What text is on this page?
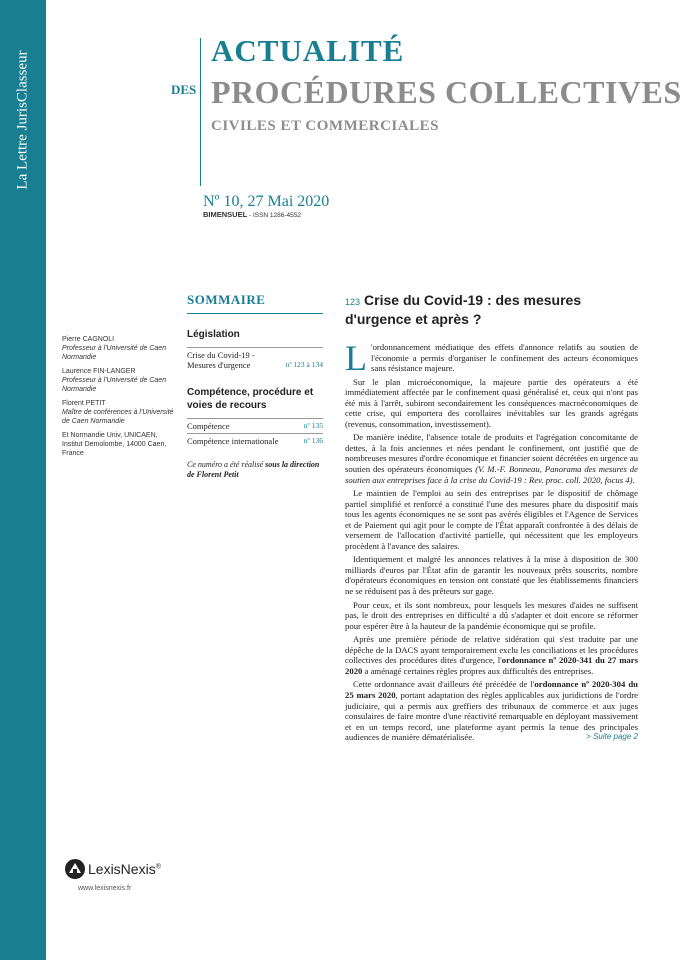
La Lettre JurisClasseur	DES
ACTUALITÉ
PROCÉDURES COLLECTIVES
CIVILES ET COMMERCIALES
Nº 10, 27 Mai 2020
BIMENSUEL - ISSN 1286-4552
Pierre CAGNOLI
Professeur à l'Université de Caen Normandie
Laurence FIN-LANGER
Professeur à l'Université de Caen Normandie
Florent PETIT
Maître de conférences à l'Université de Caen Normandie
Et Normandie Univ, UNICAEN, Institut Demolombe, 14000 Caen, France
SOMMAIRE
Législation
Crise du Covid-19 - Mesures d'urgence	nº 123 à 134
Compétence, procédure et voies de recours
Compétence	nº 135
Compétence internationale	nº 136
Ce numéro a été réalisé sous la direction de Florent Petit
123 Crise du Covid-19 : des mesures d'urgence et après ?

L 'ordonnancement médiatique des effets d'annonce relatifs au soutien de l'économie a permis d'organiser le confinement des acteurs économiques sans résistance majeure.

Sur le plan microéconomique, la majeure partie des opérateurs a été immédiatement affectée par le confinement quasi généralisé et, ceux qui n'ont pas été mis à l'arrêt, subiront secondairement les conséquences macroéconomiques de cette crise, qui emportera des corollaires inévitables sur les grands agrégats (revenus, consommation, investissement).

De manière inédite, l'absence totale de produits et l'agrégation concomitante de dettes, à la fois anciennes et nées pendant le confinement, ont justifié que de nombreuses mesures d'ordre économique et financier soient décrétées en urgence au soutien des opérateurs économiques (V. M.-F. Bonneau, Panorama des mesures de soutien aux entreprises face à la crise du Covid-19 : Rev. proc. coll. 2020, focus 4).

Le maintien de l'emploi au sein des entreprises par le dispositif de chômage partiel simplifié et renforcé a constitué l'une des mesures phare du dispositif mais tous les agents économiques ne se sont pas avérés éligibles et l'Agence de Services et de Paiement qui agit pour le compte de l'État apparaît confrontée à des délais de versement de l'allocation d'activité partielle, qui nécessitent que les employeurs procèdent à l'avance des salaires.

Identiquement et malgré les annonces relatives à la mise à disposition de 300 milliards d'euros par l'État afin de garantir les nouveaux prêts souscrits, nombre d'opérateurs économiques en tension ont constaté que les établissements financiers ne se réduisent pas à des prêteurs sur gage.

Pour ceux, et ils sont nombreux, pour lesquels les mesures d'aides ne suffisent pas, le droit des entreprises en difficulté a dû s'adapter et doit encore se réformer pour espérer être à la hauteur de la pandémie économique qui se profile.

Après une première période de relative sidération qui s'est traduite par une dépêche de la DACS ayant temporairement exclu les conciliations et les procédures collectives des procédures dites d'urgence, l'ordonnance nº 2020-341 du 27 mars 2020 a aménagé certaines règles propres aux difficultés des entreprises.

Cette ordonnance avait d'ailleurs été précédée de l'ordonnance nº 2020-304 du 25 mars 2020, portant adaptation des règles applicables aux juridictions de l'ordre judiciaire, qui a permis aux greffiers des tribunaux de commerce et aux juges consulaires de faire montre d'une réactivité remarquable en déployant massivement et en un temps record, une plateforme ayant permis la tenue des principales audiences de manière dématérialisée.	> Suite page 2

LexisNexis®
www.lexisnexis.fr
